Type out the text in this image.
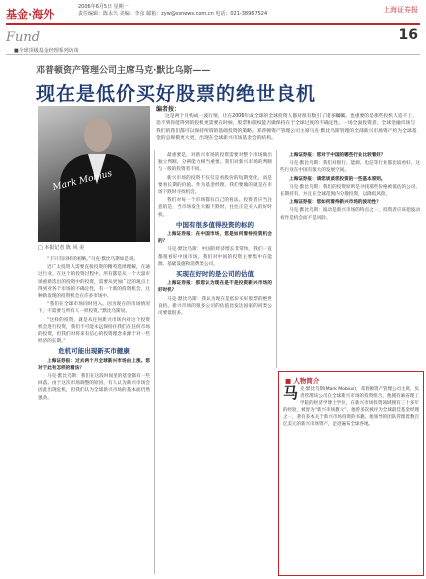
基金·海外
2006年6月5日 星期一
责任编辑：陈永久 美编：李彦 邮箱：zyw@ssnews.com.cn 电话：021-38967524	上海证券报
Fund	16
■全球顶级基金经理系列访谈
邓普顿资产管理公司主席马克·默比乌斯——
现在是低价买好股票的绝世良机
Mark Mobius
□ 本报记者 陈 风 美
编者按：
这是两个月构成一波行情，让在2006年成全球的全球投资人都对很有数引了诸多瞩瞩。也重要的是那些投机人追不上、追不到你能得到的投机更需要在时候、股票和债权能否做保持在于全球过度的不确定性。一场全面投资者。全球金融市场与我们的我们都可以保持所谓的基础投资的策略。邓普顿资产管理公司主席马克·默比乌斯管理的全部新兴市场资产约为全球基金的总规模更大更。出现在全球新兴市场基金会的结构。

“下只有同样的初略。”马克·默比乌斯如是说。

近广太投资人需要直接投资的精英选择理解，在通过行业。在这个的投资过程中。所有都是从一个大量市场重新选出的投资中的投资，需要从更加广泛的观点上得到对各个市场的不确定性，有一个新的投资机会。这种新发现的投资机会在许多市场中。

“我们在全球市场同时进入。因为现在的市场情况下，不需要与所有人一样投资。”默比乌斯说。

“这样的投资，就是从任何新兴市场内对这个投资机会进行投资，我们不可能永远保持住我们在任何市场的投资，但我们对将来有信心的投资理念来源于对一些经济的长期。”

危机可能出现新买市健康

上海证券报：过去两个月全球新兴市场由上涨。您对于此有怎样的看法？

马克·默比乌斯：我们在这段时间里的基金都有一些回落。由于这次市场调整的原因，有人认为新兴市场会因此出现危机，但我们认为全球新兴市场的基本面仍然强劲。

最重要是，对新兴市场的投资需要对整个市场做出独立判断，分辨能力相当重要。我们对新兴市场的判断与一般的投资者不同。

新兴市场的投资不仅仅是看股价的短期变化，而是要看长期的价值。作为基金经理，我们要做的就是在市场下跌时寻找机会。

我们对每一个市场都有自己的看法。投资者应当注意的是，当市场发生大幅下跌时，往往正是买入的好时机。

中国有很多值得投资的标的

上海证券报：在中国市场，您是如何看待投资机会的？

马克·默比乌斯：中国的经济增长非常快，我们一直都很看好中国市场。我们对中国的投资主要集中在能源、基础设施和消费类公司。

买现在好时的是公司的估值

上海证券报：那您认为现在是不是投资新兴市场的好时机？

马克·默比乌斯：我认为现在是低价买好股票的绝世良机。新兴市场的很多公司的估值比发达国家的同类公司要低很多。

上海证券报：您对于中国的哪些行业比较看好？

马克·默比乌斯：我们对银行、能源、电信等行业都比较看好。这些行业在中国有很大的发展空间。

上海证券报：请您谈谈您投资的一些基本原则。

马克·默比乌斯：我们的投资原则是寻找那些价格被低估的公司，长期持有，并且在全球范围内分散投资，以降低风险。

上海证券报：您如何看待新兴市场的波动性？

马克·默比乌斯：波动是新兴市场的特点之一，投资者应该把波动看作是机会而不是风险。

■ 人物简介
马 克·默比乌斯(Mark Mobius)，邓普顿资产管理公司主席，负责管理该公司在全球新兴市场的投资组合。他拥有麻省理工学院的经济学博士学位，在新兴市场投资领域拥有三十多年的经验，被誉为“新兴市场教父”。他曾多次被评为全球最佳基金经理之一，著有多本关于新兴市场投资的书籍。他领导的团队管理着数百亿美元的新兴市场资产，足迹遍布全球各地。
